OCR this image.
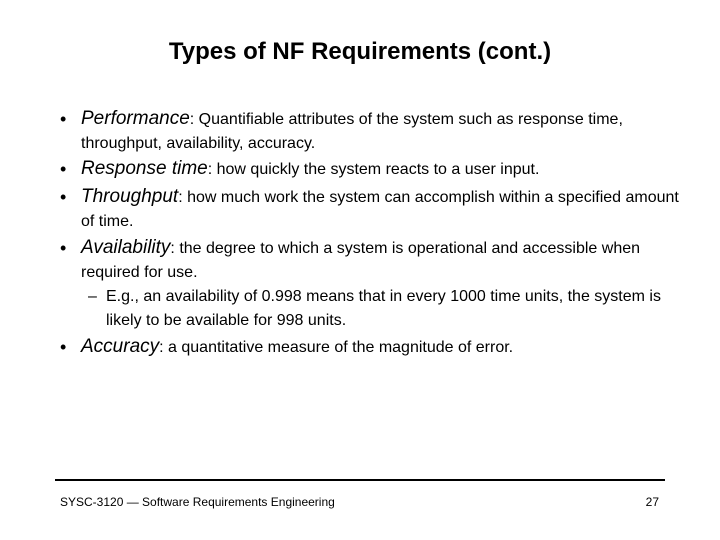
Types of NF Requirements (cont.)
• Performance: Quantifiable attributes of the system such as response time, throughput, availability, accuracy.
• Response time: how quickly the system reacts to a user input.
• Throughput: how much work the system can accomplish within a specified amount of time.
• Availability: the degree to which a system is operational and accessible when required for use.
– E.g., an availability of 0.998 means that in every 1000 time units, the system is likely to be available for 998 units.
• Accuracy: a quantitative measure of the magnitude of error.
SYSC-3120 — Software Requirements Engineering	27
